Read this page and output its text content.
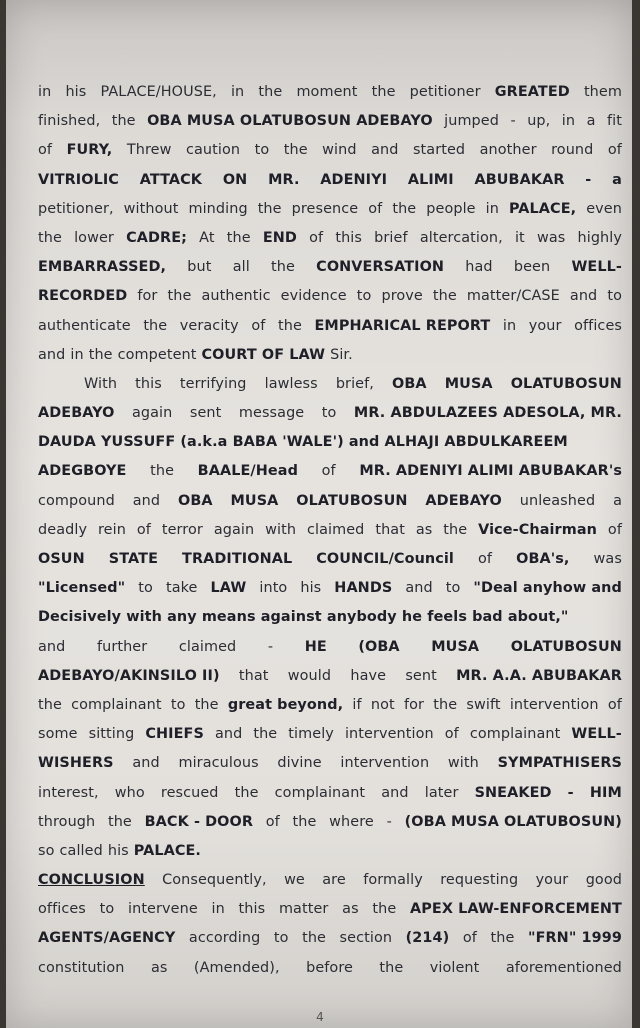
in his PALACE/HOUSE, in the moment the petitioner GREATED them
finished, the OBA MUSA OLATUBOSUN ADEBAYO jumped - up, in a fit
of FURY, Threw caution to the wind and started another round of
VITRIOLIC ATTACK ON MR. ADENIYI ALIMI ABUBAKAR - a
petitioner, without minding the presence of the people in PALACE, even
the lower CADRE; At the END of this brief altercation, it was highly
EMBARRASSED, but all the CONVERSATION had been WELL-
RECORDED for the authentic evidence to prove the matter/CASE and to
authenticate the veracity of the EMPHARICAL REPORT in your offices
and in the competent COURT OF LAW Sir.
With this terrifying lawless brief, OBA MUSA OLATUBOSUN
ADEBAYO again sent message to MR. ABDULAZEES ADESOLA, MR.
DAUDA YUSSUFF (a.k.a BABA 'WALE') and ALHAJI ABDULKAREEM
ADEGBOYE the BAALE/Head of MR. ADENIYI ALIMI ABUBAKAR's
compound and OBA MUSA OLATUBOSUN ADEBAYO unleashed a
deadly rein of terror again with claimed that as the Vice-Chairman of
OSUN STATE TRADITIONAL COUNCIL/Council of OBA's, was
"Licensed" to take LAW into his HANDS and to "Deal anyhow and
Decisively with any means against anybody he feels bad about,"
and further claimed - HE (OBA MUSA OLATUBOSUN
ADEBAYO/AKINSILO II) that would have sent MR. A.A. ABUBAKAR
the complainant to the great beyond, if not for the swift intervention of
some sitting CHIEFS and the timely intervention of complainant WELL-
WISHERS and miraculous divine intervention with SYMPATHISERS
interest, who rescued the complainant and later SNEAKED - HIM
through the BACK - DOOR of the where - (OBA MUSA OLATUBOSUN)
so called his PALACE.
CONCLUSION Consequently, we are formally requesting your good
offices to intervene in this matter as the APEX LAW-ENFORCEMENT
AGENTS/AGENCY according to the section (214) of the "FRN" 1999
constitution as (Amended), before the violent aforementioned
4
